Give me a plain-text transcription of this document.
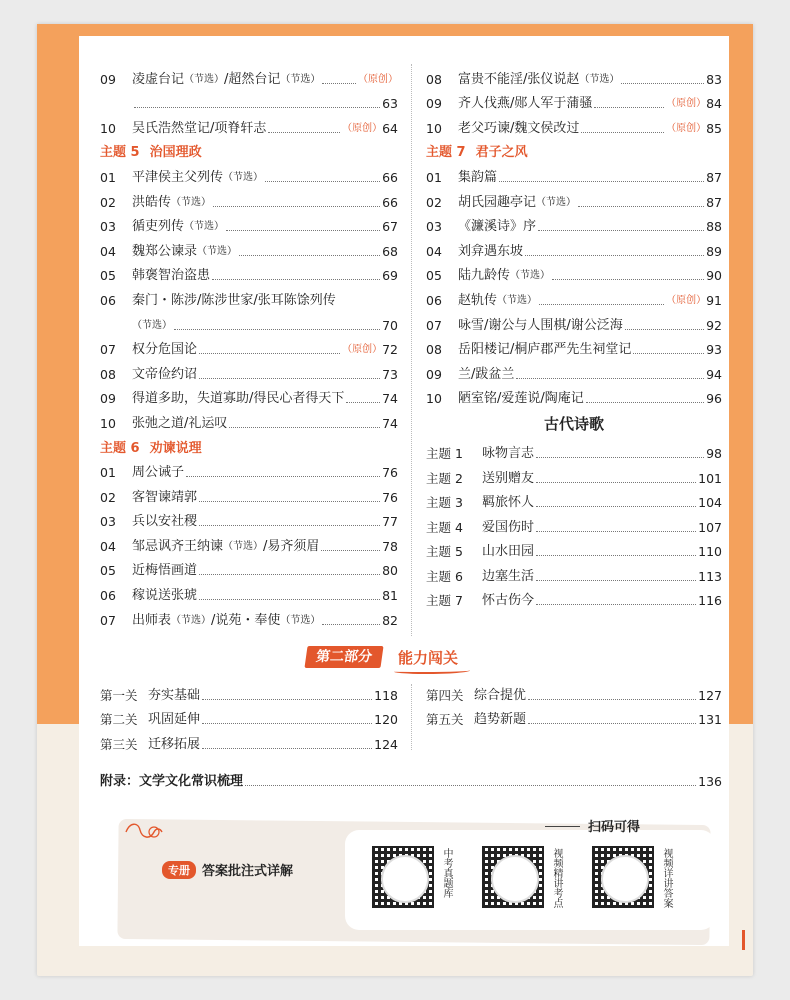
09	凌虚台记 （节选） /超然台记 （节选）	（原创）
63
10	吴氏浩然堂记/项脊轩志	（原创） 64
主题 5 治国理政
01	平津侯主父列传 （节选）	66
02	洪皓传 （节选）	66
03	循吏列传 （节选）	67
04	魏郑公谏录 （节选）	68
05	韩褒智治盗患	69
06	秦门・陈涉/陈涉世家/张耳陈馀列传
（节选）	70
07	权分危国论	（原创） 72
08	文帝俭约诏	73
09	得道多助，失道寡助/得民心者得天下	74
10	张弛之道/礼运叹	74
主题 6 劝谏说理
01	周公诫子	76
02	客智谏靖郭	76
03	兵以安社稷	77
04	邹忌讽齐王纳谏 （节选） /易齐须眉	78
05	近梅悟画道	80
06	稼说送张琥	81
07	出师表 （节选） /说苑・奉使 （节选）	82
08	富贵不能淫/张仪说赵 （节选）	83
09	齐人伐燕/郧人军于蒲骚	（原创） 84
10	老父巧谏/魏文侯改过	（原创） 85
主题 7 君子之风
01	集韵篇	87
02	胡氏园趣亭记 （节选）	87
03	《濂溪诗》序	88
04	刘弇遇东坡	89
05	陆九龄传 （节选）	90
06	赵轨传 （节选）	（原创） 91
07	咏雪/谢公与人围棋/谢公泛海	92
08	岳阳楼记/桐庐郡严先生祠堂记	93
09	兰/跋盆兰	94
10	陋室铭/爱莲说/陶庵记	96
古代诗歌
主题 1	咏物言志	98
主题 2	送别赠友	101
主题 3	羁旅怀人	104
主题 4	爱国伤时	107
主题 5	山水田园	110
主题 6	边塞生活	113
主题 7	怀古伤今	116
第二部分	能力闯关
第一关 夯实基础	118
第二关 巩固延伸	120
第三关 迁移拓展	124
第四关 综合提优	127
第五关 趋势新题	131
附录：文学文化常识梳理	136
专册 答案批注式详解
扫码可得
中考真题库	视频精讲考点	视频详讲答案
